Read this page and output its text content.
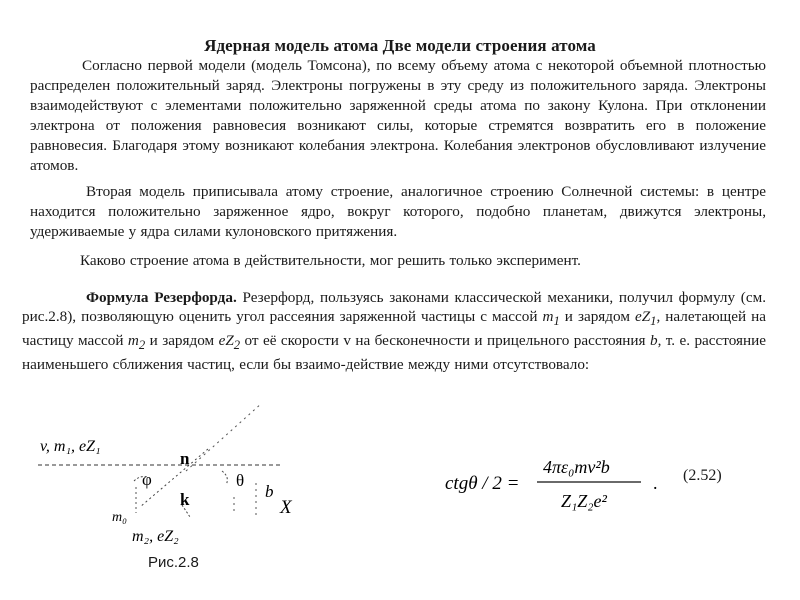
Ядерная модель атома Две модели строения атома
Согласно первой модели (модель Томсона), по всему объему атома с некоторой объемной плотностью распределен положительный заряд. Электроны погружены в эту среду из положительного заряда. Электроны взаимодействуют с элементами положительно заряженной среды атома по закону Кулона. При отклонении электрона от положения равновесия возникают силы, которые стремятся возвратить его в положение равновесия. Благодаря этому возникают колебания электрона. Колебания электронов обусловливают излучение атомов.
Вторая модель приписывала атому строение, аналогичное строению Солнечной системы: в центре находится положительно заряженное ядро, вокруг которого, подобно планетам, движутся электроны, удерживаемые у ядра силами кулоновского притяжения.
Каково строение атома в действительности, мог решить только эксперимент.
Формула Резерфорда. Резерфорд, пользуясь законами классической механики, получил формулу (см. рис.2.8), позволяющую оценить угол рассеяния заряженной частицы с массой $m_1$ и зарядом $eZ_1$, налетающей на частицу массой $m_2$ и зарядом $eZ_2$ от её скорости v на бесконечности и прицельного расстояния b, т. е. расстояние наименьшего сближения частиц, если бы взаимо-действие между ними отсутствовало:
v, m₁, eZ₁
n
k
φ	θ
b
X
m₀
m₂, eZ₂
ctgθ / 2 =
4πε₀mv²b
Z₁Z₂e²
. (2.52)
Рис.2.8
